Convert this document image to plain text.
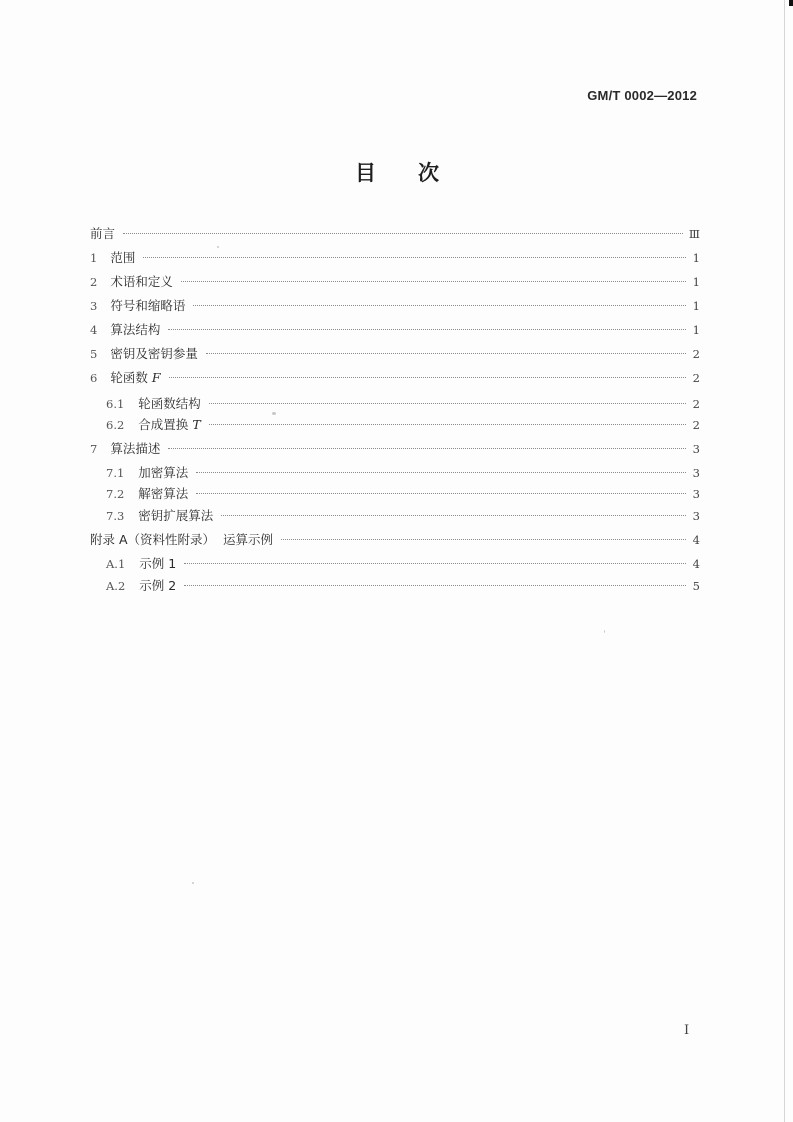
GM/T 0002—2012
目 次
前言	Ⅲ
1 范围	1
2 术语和定义	1
3 符号和缩略语	1
4 算法结构	1
5 密钥及密钥参量	2
6 轮函数 F	2
6.1 轮函数结构	2
6.2 合成置换 T	2
7 算法描述	3
7.1 加密算法	3
7.2 解密算法	3
7.3 密钥扩展算法	3
附录 A（资料性附录）  运算示例	4
A.1 示例 1	4
A.2 示例 2	5
I
